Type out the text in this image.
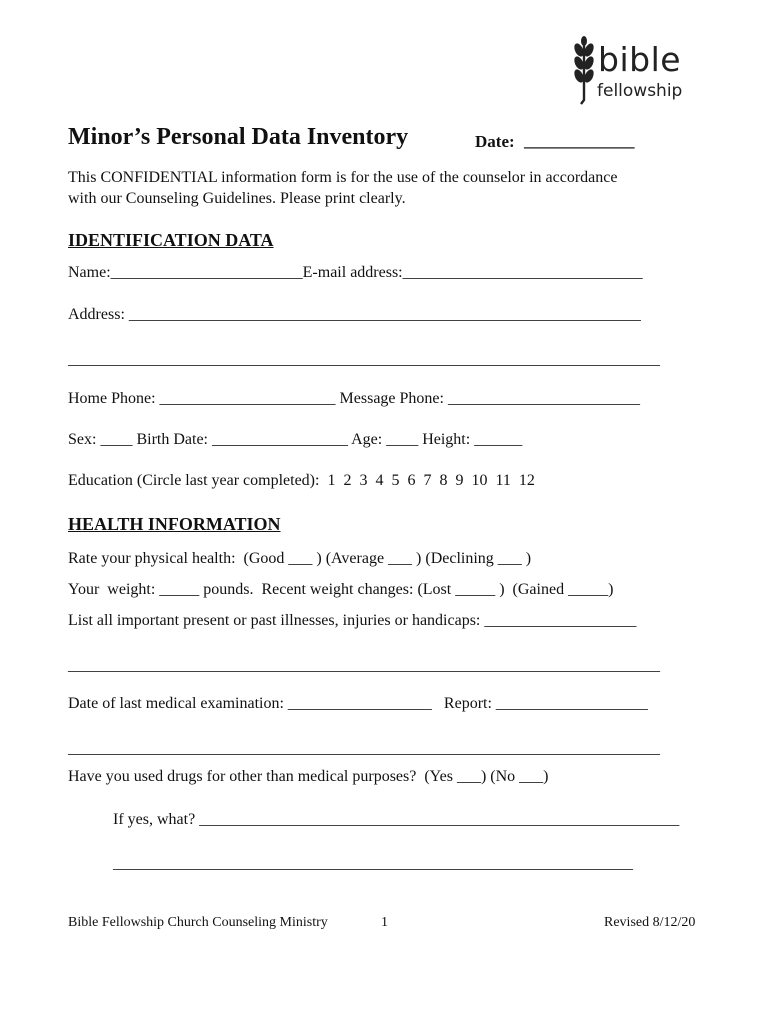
bible
fellowship
Minor’s Personal Data Inventory	Date: _____________
This CONFIDENTIAL information form is for the use of the counselor in accordance
with our Counseling Guidelines. Please print clearly.
IDENTIFICATION DATA
Name:________________________E-mail address:______________________________
Address: ________________________________________________________________
__________________________________________________________________________
Home Phone: ______________________ Message Phone: ________________________
Sex: ____ Birth Date: _________________ Age: ____ Height: ______
Education (Circle last year completed):  1  2  3  4  5  6  7  8  9  10  11  12
HEALTH INFORMATION
Rate your physical health:  (Good ___ ) (Average ___ ) (Declining ___ )
Your  weight: _____ pounds.  Recent weight changes: (Lost _____ )  (Gained _____)
List all important present or past illnesses, injuries or handicaps: ___________________
__________________________________________________________________________
Date of last medical examination: __________________   Report: ___________________
__________________________________________________________________________
Have you used drugs for other than medical purposes?  (Yes ___) (No ___)
If yes, what? ____________________________________________________________
_________________________________________________________________
Bible Fellowship Church Counseling Ministry	1	Revised 8/12/20
